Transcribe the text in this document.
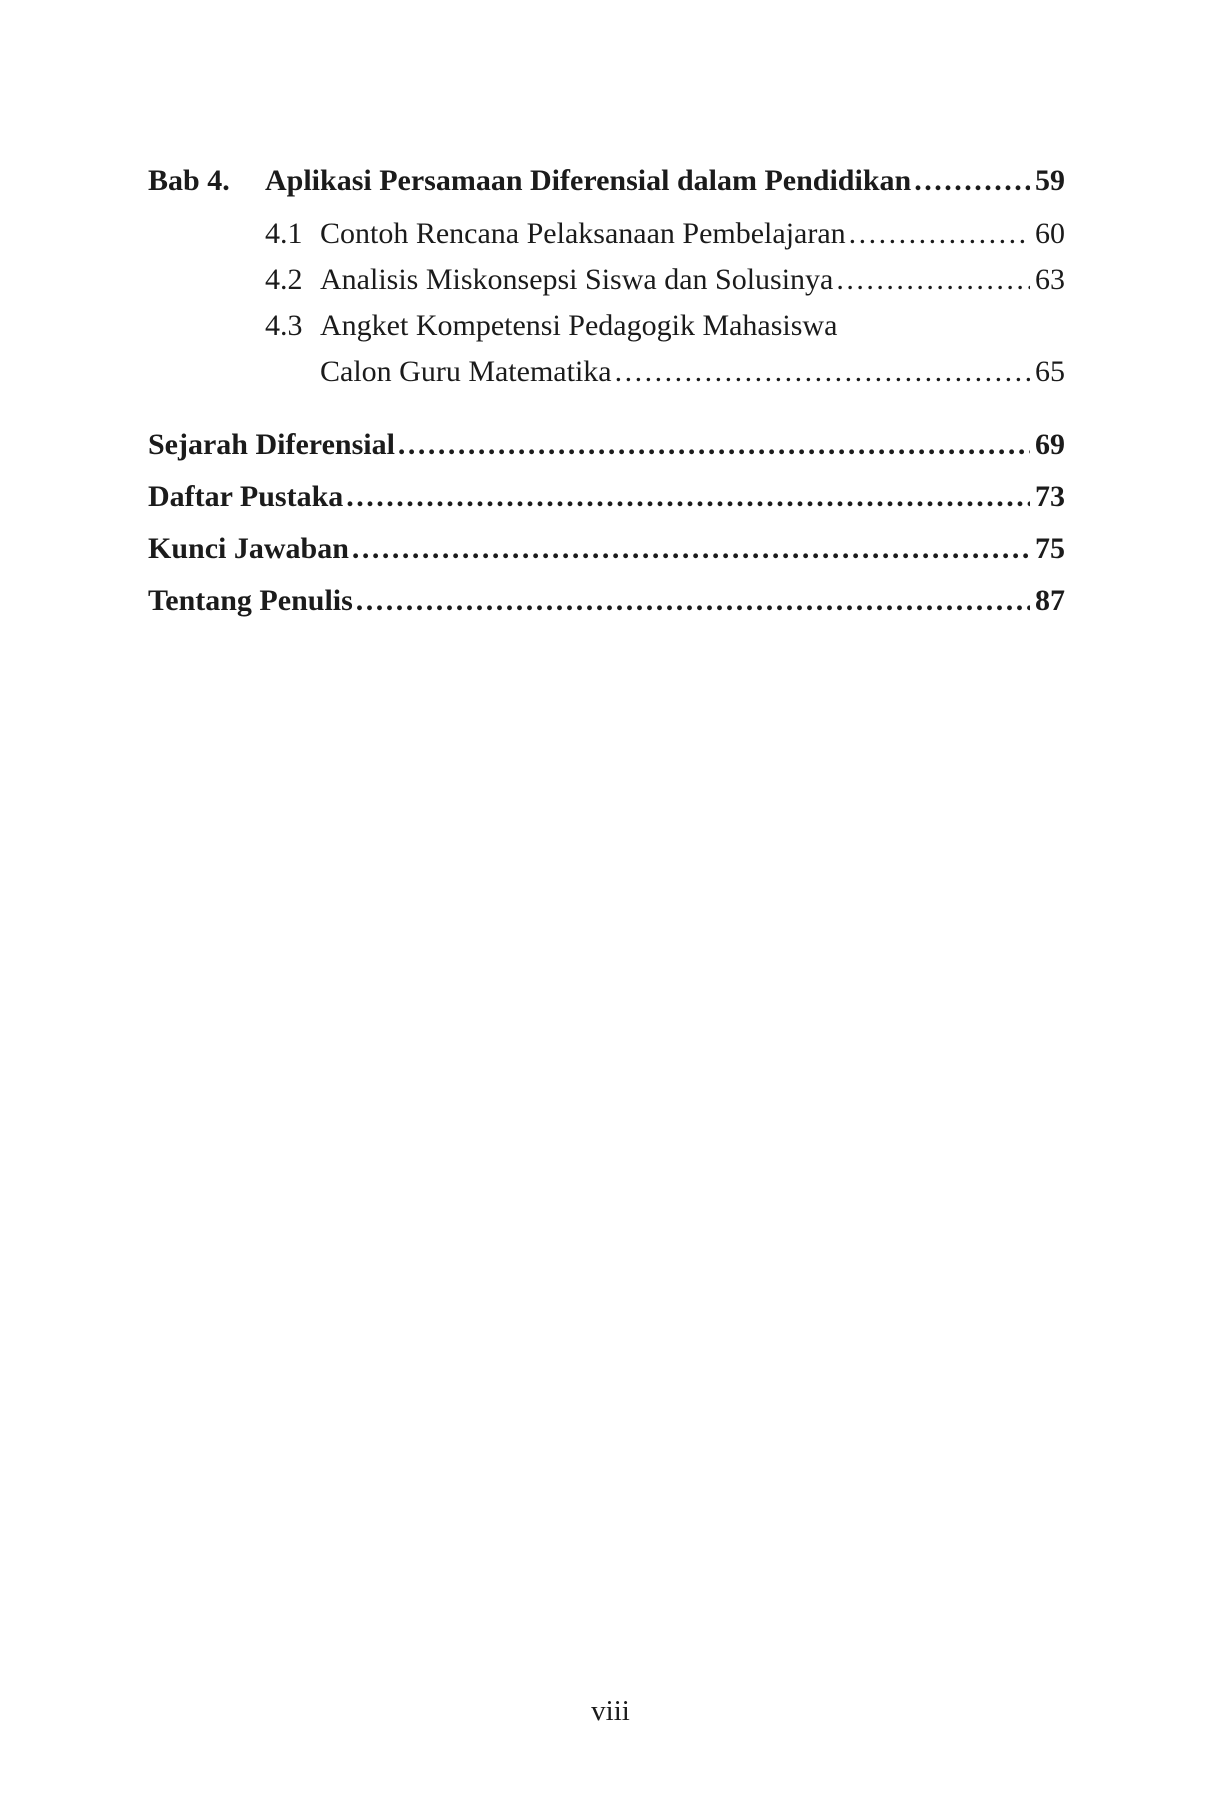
Bab 4.	Aplikasi Persamaan Diferensial dalam Pendidikan .....	59
4.1 Contoh Rencana Pelaksanaan Pembelajaran .....	60
4.2 Analisis Miskonsepsi Siswa dan Solusinya .....	63
4.3 Angket Kompetensi Pedagogik Mahasiswa
Calon Guru Matematika .....	65
Sejarah Diferensial .....	69
Daftar Pustaka .....	73
Kunci Jawaban .....	75
Tentang Penulis .....	87
viii
